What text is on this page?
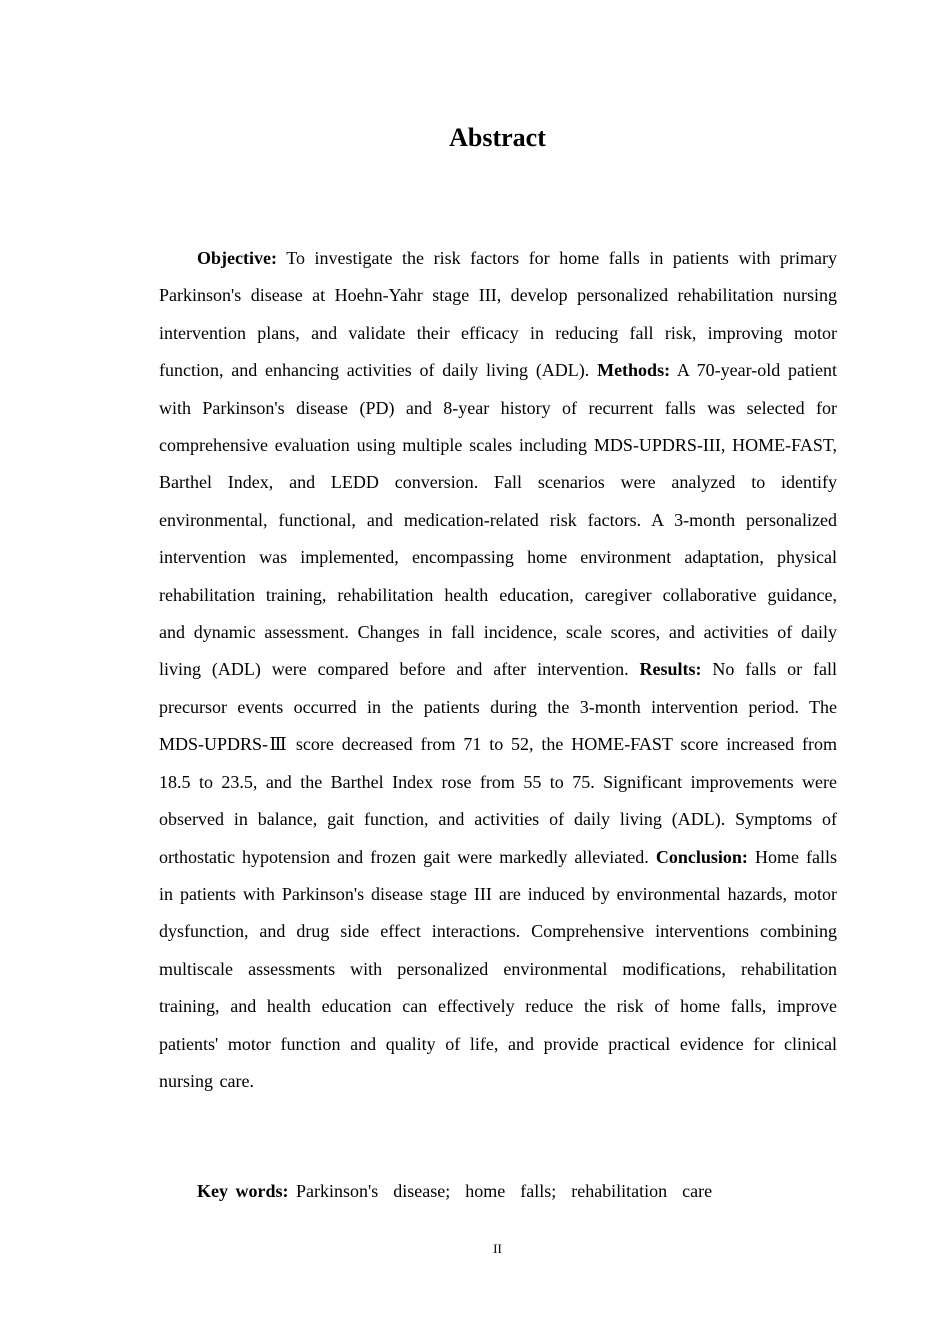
Abstract

Objective: To investigate the risk factors for home falls in patients with primary Parkinson's disease at Hoehn-Yahr stage III, develop personalized rehabilitation nursing intervention plans, and validate their efficacy in reducing fall risk, improving motor function, and enhancing activities of daily living (ADL). Methods: A 70-year-old patient with Parkinson's disease (PD) and 8-year history of recurrent falls was selected for comprehensive evaluation using multiple scales including MDS-UPDRS-III, HOME-FAST, Barthel Index, and LEDD conversion. Fall scenarios were analyzed to identify environmental, functional, and medication-related risk factors. A 3-month personalized intervention was implemented, encompassing home environment adaptation, physical rehabilitation training, rehabilitation health education, caregiver collaborative guidance, and dynamic assessment. Changes in fall incidence, scale scores, and activities of daily living (ADL) were compared before and after intervention. Results: No falls or fall precursor events occurred in the patients during the 3-month intervention period. The MDS-UPDRS-Ⅲ score decreased from 71 to 52, the HOME-FAST score increased from 18.5 to 23.5, and the Barthel Index rose from 55 to 75. Significant improvements were observed in balance, gait function, and activities of daily living (ADL). Symptoms of orthostatic hypotension and frozen gait were markedly alleviated. Conclusion: Home falls in patients with Parkinson's disease stage III are induced by environmental hazards, motor dysfunction, and drug side effect interactions. Comprehensive interventions combining multiscale assessments with personalized environmental modifications, rehabilitation training, and health education can effectively reduce the risk of home falls, improve patients' motor function and quality of life, and provide practical evidence for clinical nursing care.

Key words: Parkinson's  disease;  home  falls;  rehabilitation  care

II
